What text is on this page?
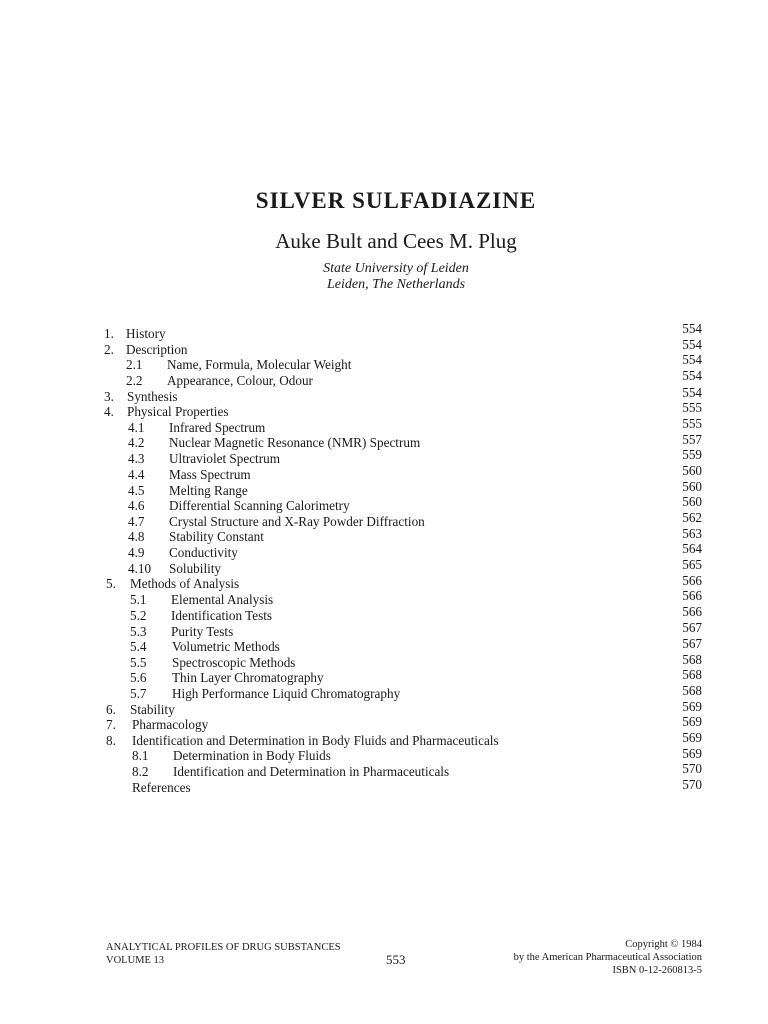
SILVER SULFADIAZINE
Auke Bult and Cees M. Plug
State University of Leiden
Leiden, The Netherlands
1. History
2. Description
2.1 Name, Formula, Molecular Weight
2.2 Appearance, Colour, Odour
3. Synthesis
4. Physical Properties
4.1 Infrared Spectrum
4.2 Nuclear Magnetic Resonance (NMR) Spectrum
4.3 Ultraviolet Spectrum
4.4 Mass Spectrum
4.5 Melting Range
4.6 Differential Scanning Calorimetry
4.7 Crystal Structure and X-Ray Powder Diffraction
4.8 Stability Constant
4.9 Conductivity
4.10 Solubility
5. Methods of Analysis
5.1 Elemental Analysis
5.2 Identification Tests
5.3 Purity Tests
5.4 Volumetric Methods
5.5 Spectroscopic Methods
5.6 Thin Layer Chromatography
5.7 High Performance Liquid Chromatography
6. Stability
7. Pharmacology
8. Identification and Determination in Body Fluids and Pharmaceuticals
8.1 Determination in Body Fluids
8.2 Identification and Determination in Pharmaceuticals
References
554
554
554
554
554
555
555
557
559
560
560
560
562
563
564
565
566
566
566
567
567
568
568
568
569
569
569
569
570
570
ANALYTICAL PROFILES OF DRUG SUBSTANCES
VOLUME 13	553
Copyright © 1984
by the American Pharmaceutical Association
ISBN 0-12-260813-5
